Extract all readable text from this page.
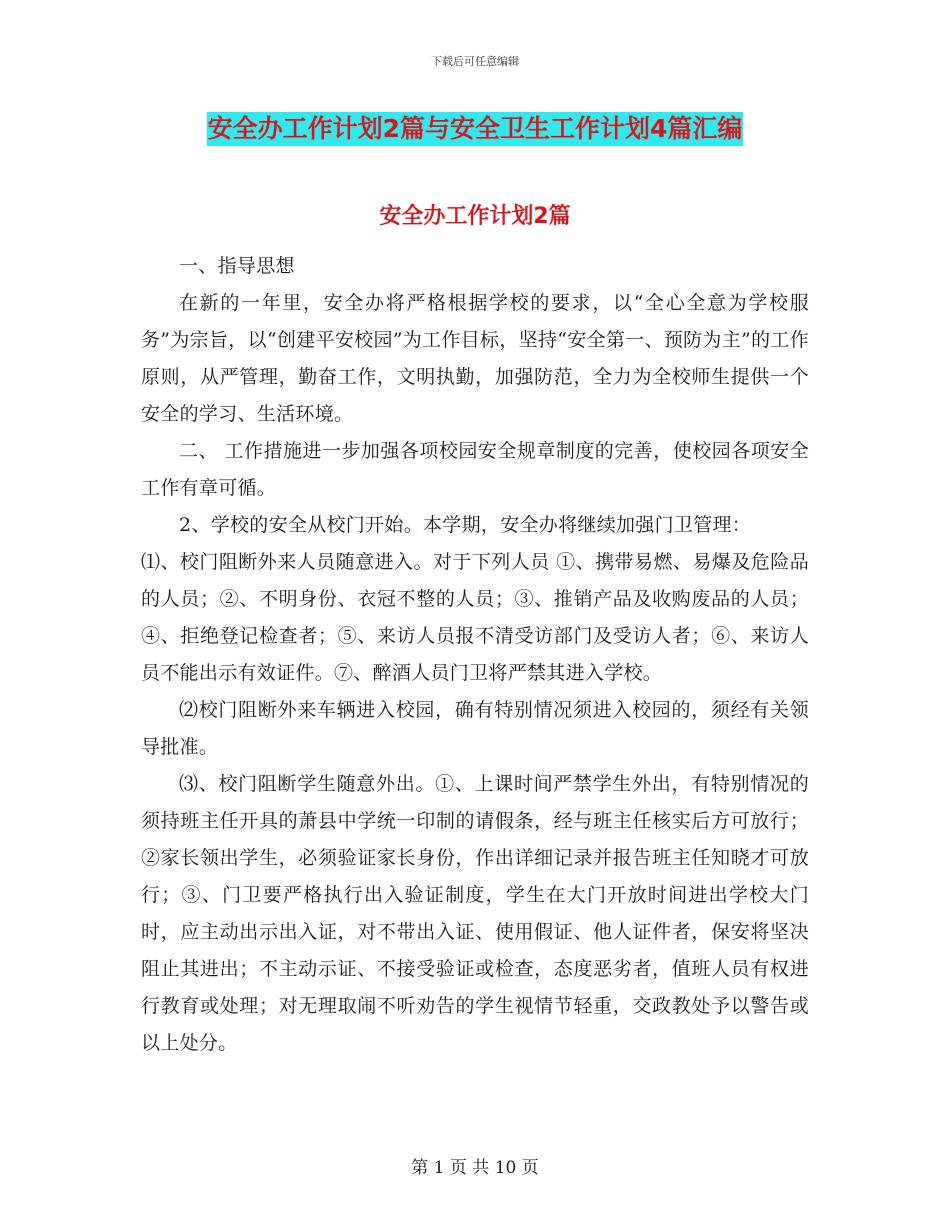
下载后可任意编辑
安全办工作计划2篇与安全卫生工作计划4篇汇编
安全办工作计划2篇

一、指导思想

在新的一年里，安全办将严格根据学校的要求，以“全心全意为学校服务”为宗旨，以“创建平安校园”为工作目标，坚持“安全第一、预防为主”的工作原则，从严管理，勤奋工作，文明执勤，加强防范，全力为全校师生提供一个安全的学习、生活环境。

二、 工作措施进一步加强各项校园安全规章制度的完善，使校园各项安全工作有章可循。

2、学校的安全从校门开始。本学期，安全办将继续加强门卫管理：

⑴、校门阻断外来人员随意进入。对于下列人员 ①、携带易燃、易爆及危险品的人员；②、不明身份、衣冠不整的人员；③、推销产品及收购废品的人员；④、拒绝登记检查者；⑤、来访人员报不清受访部门及受访人者；⑥、来访人员不能出示有效证件。⑦、醉酒人员门卫将严禁其进入学校。

⑵校门阻断外来车辆进入校园，确有特别情况须进入校园的，须经有关领导批准。

⑶、校门阻断学生随意外出。①、上课时间严禁学生外出，有特别情况的须持班主任开具的萧县中学统一印制的请假条，经与班主任核实后方可放行；②家长领出学生，必须验证家长身份，作出详细记录并报告班主任知晓才可放行；③、门卫要严格执行出入验证制度，学生在大门开放时间进出学校大门时，应主动出示出入证，对不带出入证、使用假证、他人证件者，保安将坚决阻止其进出；不主动示证、不接受验证或检查，态度恶劣者，值班人员有权进行教育或处理；对无理取闹不听劝告的学生视情节轻重，交政教处予以警告或以上处分。

第 1 页 共 10 页
